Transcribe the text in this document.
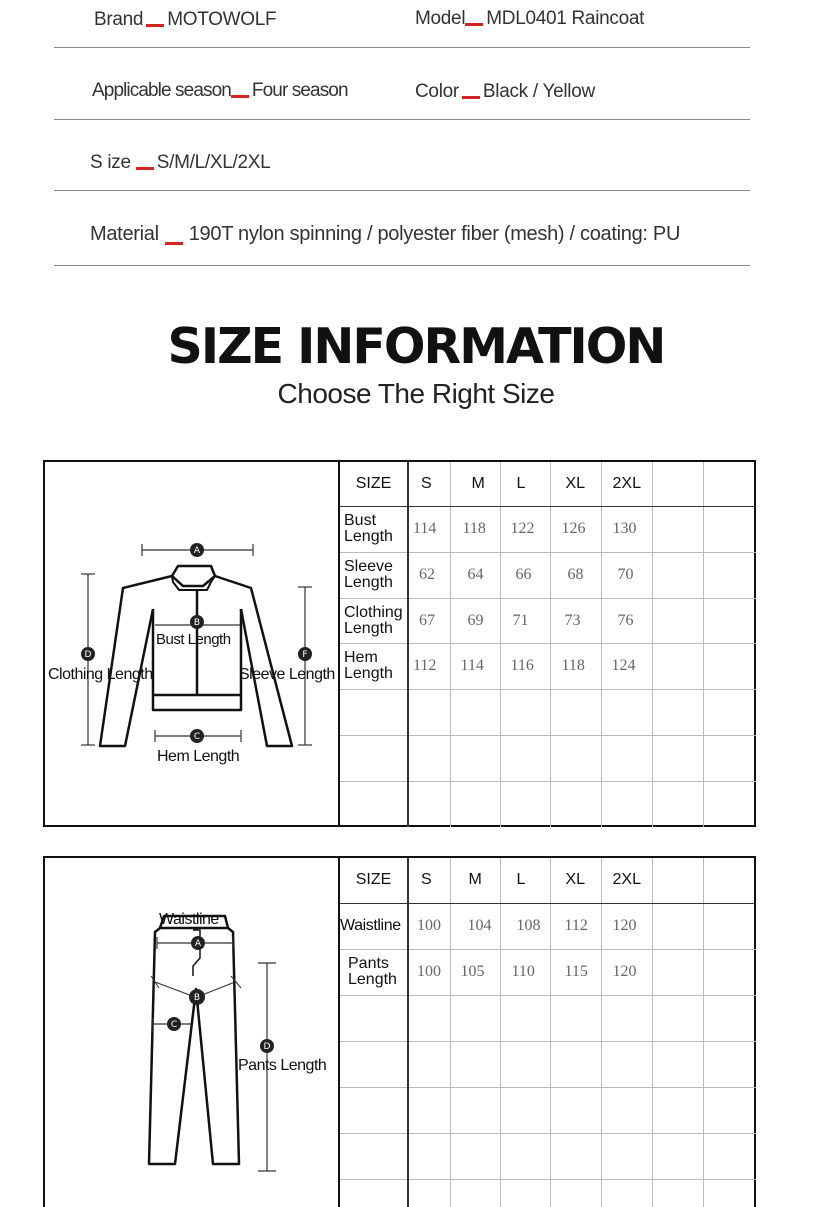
Brand MOTOWOLF	Model MDL0401 Raincoat
Applicable season Four season	Color Black / Yellow
S ize S/M/L/XL/2XL
Material 190T nylon spinning / polyester fiber (mesh) / coating: PU
SIZE INFORMATION
Choose The Right Size
A
B
C
D	F
Bust Length
Clothing Length	Sleeve Length
Hem Length
SIZE	S	M	L	XL	2XL		
Bust
Length	114	118	122	126	130		
Sleeve
Length	62	64	66	68	70		
Clothing
Length	67	69	71	73	76		
Hem
Length	112	114	116	118	124		

A
B
C
D
Waistline
Pants Length
SIZE	S	M	L	XL	2XL		
Waistline	100	104	108	112	120		
Pants
Length	100	105	110	115	120		
